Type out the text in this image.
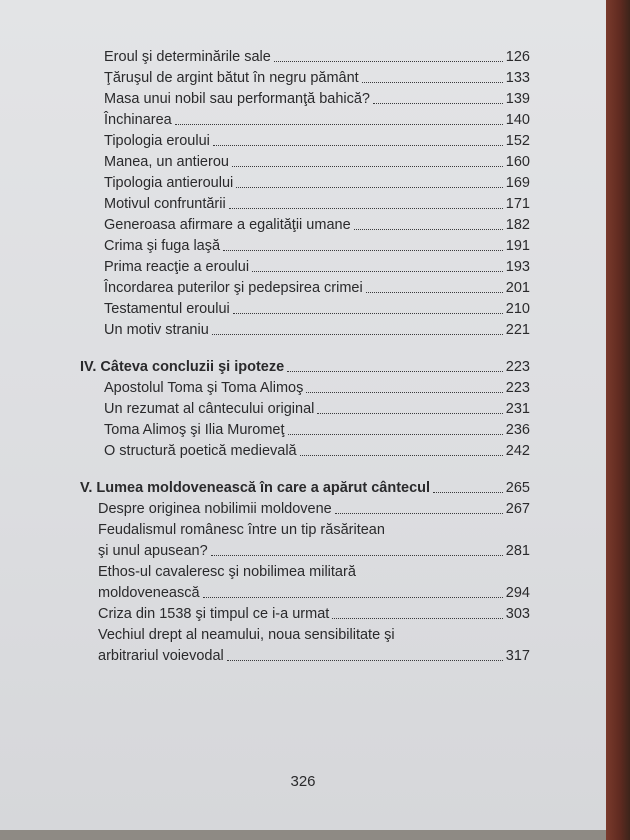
Eroul şi determinările sale	126
Ţăruşul de argint bătut în negru pământ	133
Masa unui nobil sau performanţă bahică?	139
Închinarea	140
Tipologia eroului	152
Manea, un antierou	160
Tipologia antieroului	169
Motivul confruntării	171
Generoasa afirmare a egalităţii umane	182
Crima şi fuga laşă	191
Prima reacţie a eroului	193
Încordarea puterilor şi pedepsirea crimei	201
Testamentul eroului	210
Un motiv straniu	221
IV. Câteva concluzii şi ipoteze	223
Apostolul Toma şi Toma Alimoş	223
Un rezumat al cântecului original	231
Toma Alimoş şi Ilia Muromeţ	236
O structură poetică medievală	242
V. Lumea moldovenească în care a apărut cântecul	265
Despre originea nobilimii moldovene	267
Feudalismul românesc între un tip răsăritean
şi unul apusean?	281
Ethos-ul cavaleresc şi nobilimea militară
moldovenească	294
Criza din 1538 şi timpul ce i-a urmat	303
Vechiul drept al neamului, noua sensibilitate şi
arbitrariul voievodal	317
326
